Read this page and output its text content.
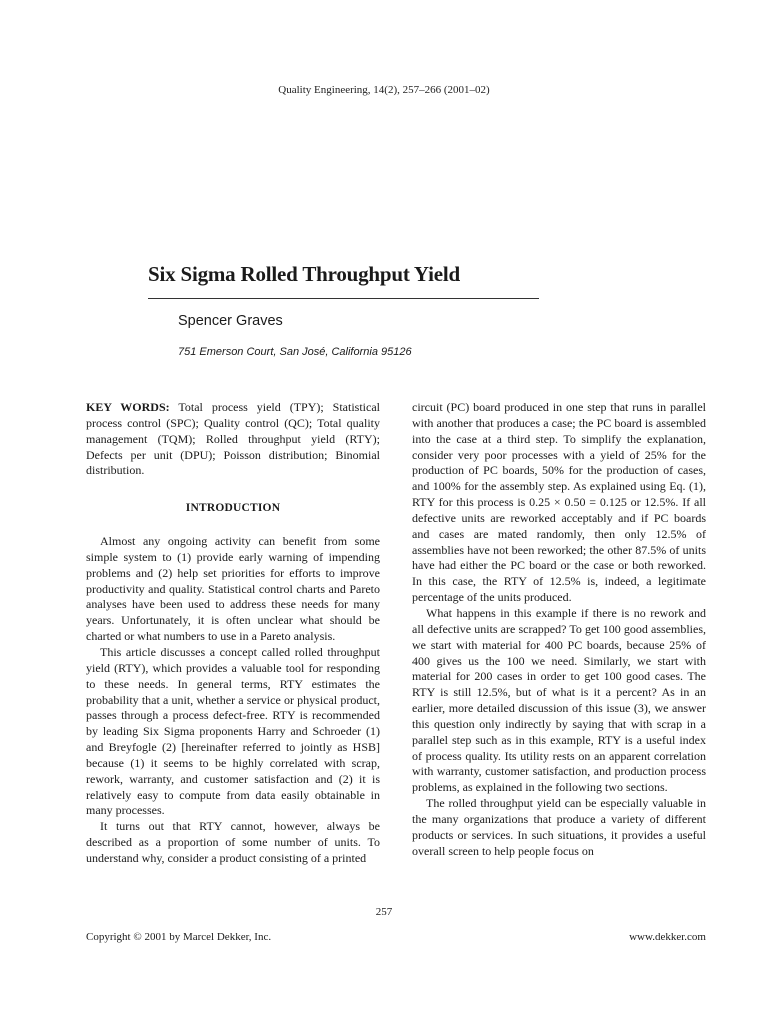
Quality Engineering, 14(2), 257–266 (2001–02)
Six Sigma Rolled Throughput Yield
Spencer Graves
751 Emerson Court, San José, California 95126

KEY WORDS: Total process yield (TPY); Statistical process control (SPC); Quality control (QC); Total quality management (TQM); Rolled throughput yield (RTY); Defects per unit (DPU); Poisson distribution; Binomial distribution.

INTRODUCTION

Almost any ongoing activity can benefit from some simple system to (1) provide early warning of impending problems and (2) help set priorities for efforts to improve productivity and quality. Statistical control charts and Pareto analyses have been used to address these needs for many years. Unfortunately, it is often unclear what should be charted or what numbers to use in a Pareto analysis.

This article discusses a concept called rolled throughput yield (RTY), which provides a valuable tool for responding to these needs. In general terms, RTY estimates the probability that a unit, whether a service or physical product, passes through a process defect-free. RTY is recommended by leading Six Sigma proponents Harry and Schroeder (1) and Breyfogle (2) [hereinafter referred to jointly as HSB] because (1) it seems to be highly correlated with scrap, rework, warranty, and customer satisfaction and (2) it is relatively easy to compute from data easily obtainable in many processes.

It turns out that RTY cannot, however, always be described as a proportion of some number of units. To understand why, consider a product consisting of a printed

circuit (PC) board produced in one step that runs in parallel with another that produces a case; the PC board is assembled into the case at a third step. To simplify the explanation, consider very poor processes with a yield of 25% for the production of PC boards, 50% for the production of cases, and 100% for the assembly step. As explained using Eq. (1), RTY for this process is 0.25 × 0.50 = 0.125 or 12.5%. If all defective units are reworked acceptably and if PC boards and cases are mated randomly, then only 12.5% of assemblies have not been reworked; the other 87.5% of units have had either the PC board or the case or both reworked. In this case, the RTY of 12.5% is, indeed, a legitimate percentage of the units produced.

What happens in this example if there is no rework and all defective units are scrapped? To get 100 good assemblies, we start with material for 400 PC boards, because 25% of 400 gives us the 100 we need. Similarly, we start with material for 200 cases in order to get 100 good cases. The RTY is still 12.5%, but of what is it a percent? As in an earlier, more detailed discussion of this issue (3), we answer this question only indirectly by saying that with scrap in a parallel step such as in this example, RTY is a useful index of process quality. Its utility rests on an apparent correlation with warranty, customer satisfaction, and production process problems, as explained in the following two sections.

The rolled throughput yield can be especially valuable in the many organizations that produce a variety of different products or services. In such situations, it provides a useful overall screen to help people focus on

257
Copyright © 2001 by Marcel Dekker, Inc.	www.dekker.com
